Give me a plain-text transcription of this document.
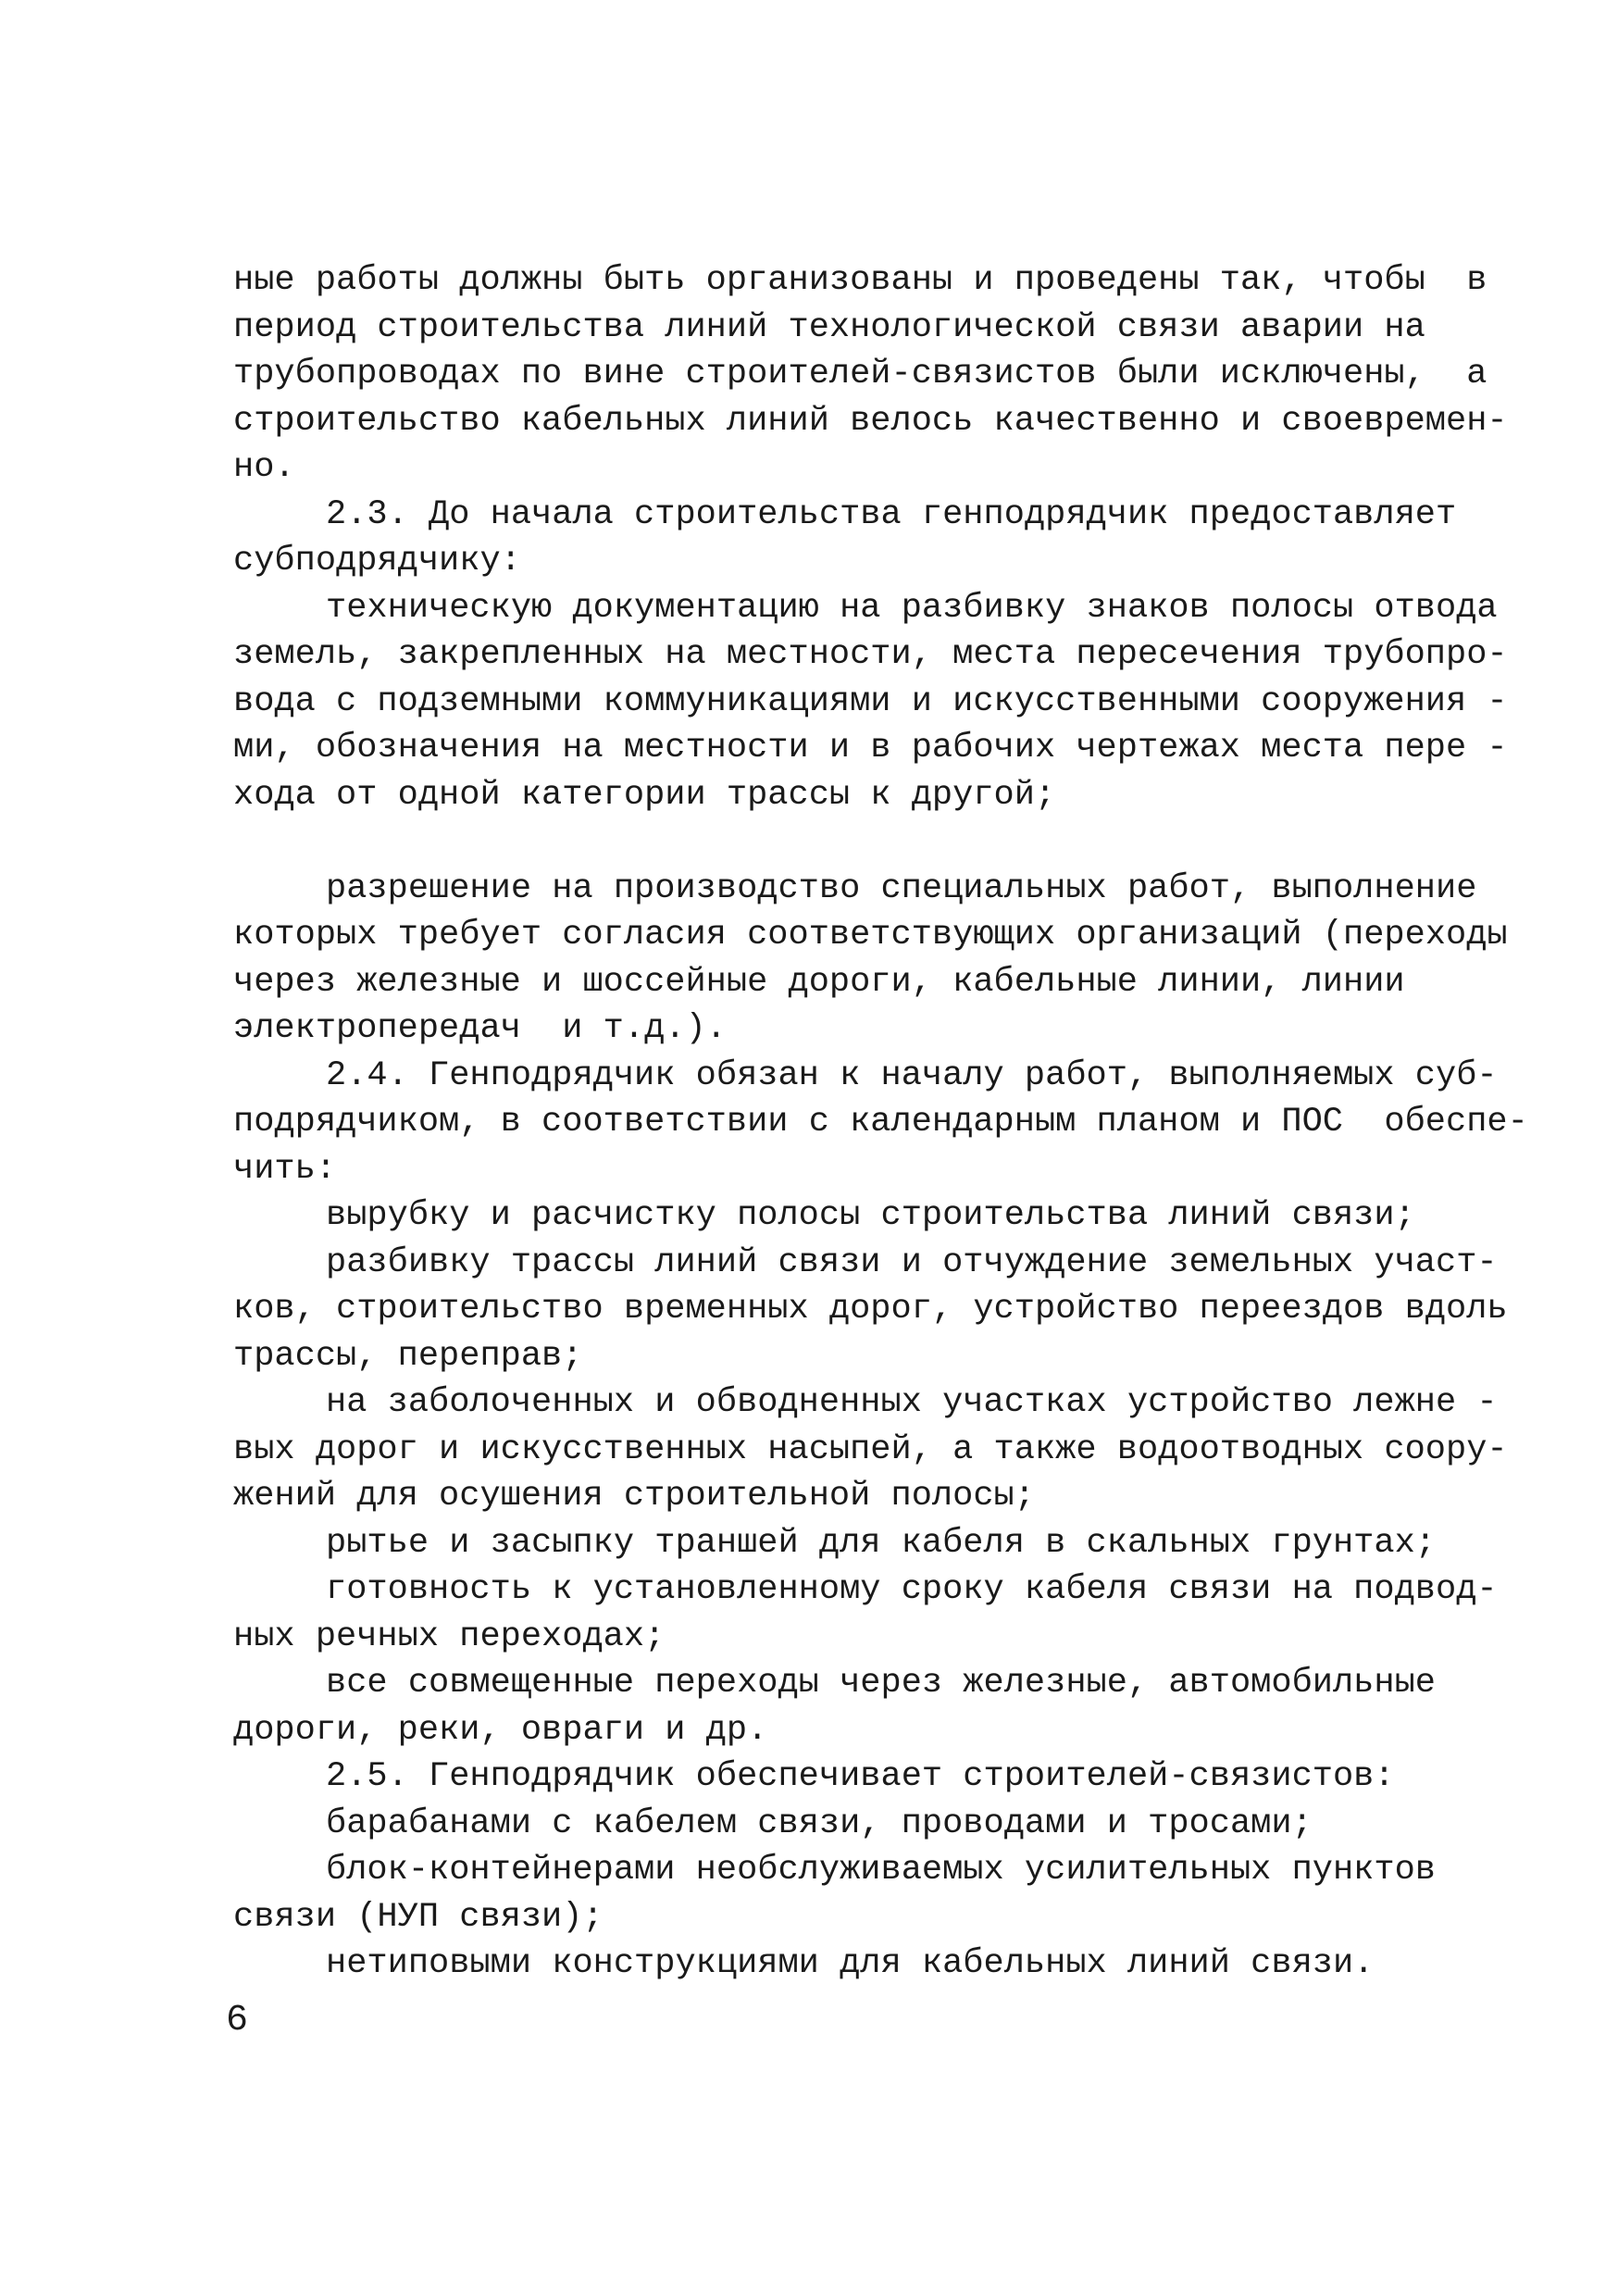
ные работы должны быть организованы и проведены так, чтобы  в
период строительства линий технологической связи аварии на
трубопроводах по вине строителей-связистов были исключены,  а
строительство кабельных линий велось качественно и своевремен-
но.
2.3. До начала строительства генподрядчик предоставляет
субподрядчику:
техническую документацию на разбивку знаков полосы отвода
земель, закрепленных на местности, места пересечения трубопро-
вода с подземными коммуникациями и искусственными сооружения -
ми, обозначения на местности и в рабочих чертежах места пере -
хода от одной категории трассы к другой;
разрешение на производство специальных работ, выполнение
которых требует согласия соответствующих организаций (переходы
через железные и шоссейные дороги, кабельные линии, линии
электропередач  и т.д.).
2.4. Генподрядчик обязан к началу работ, выполняемых суб-
подрядчиком, в соответствии с календарным планом и ПОС  обеспе-
чить:
вырубку и расчистку полосы строительства линий связи;
разбивку трассы линий связи и отчуждение земельных участ-
ков, строительство временных дорог, устройство переездов вдоль
трассы, переправ;
на заболоченных и обводненных участках устройство лежне -
вых дорог и искусственных насыпей, а также водоотводных соору-
жений для осушения строительной полосы;
рытье и засыпку траншей для кабеля в скальных грунтах;
готовность к установленному сроку кабеля связи на подвод-
ных речных переходах;
все совмещенные переходы через железные, автомобильные
дороги, реки, овраги и др.
2.5. Генподрядчик обеспечивает строителей-связистов:
барабанами с кабелем связи, проводами и тросами;
блок-контейнерами необслуживаемых усилительных пунктов
связи (НУП связи);
нетиповыми конструкциями для кабельных линий связи.
6
